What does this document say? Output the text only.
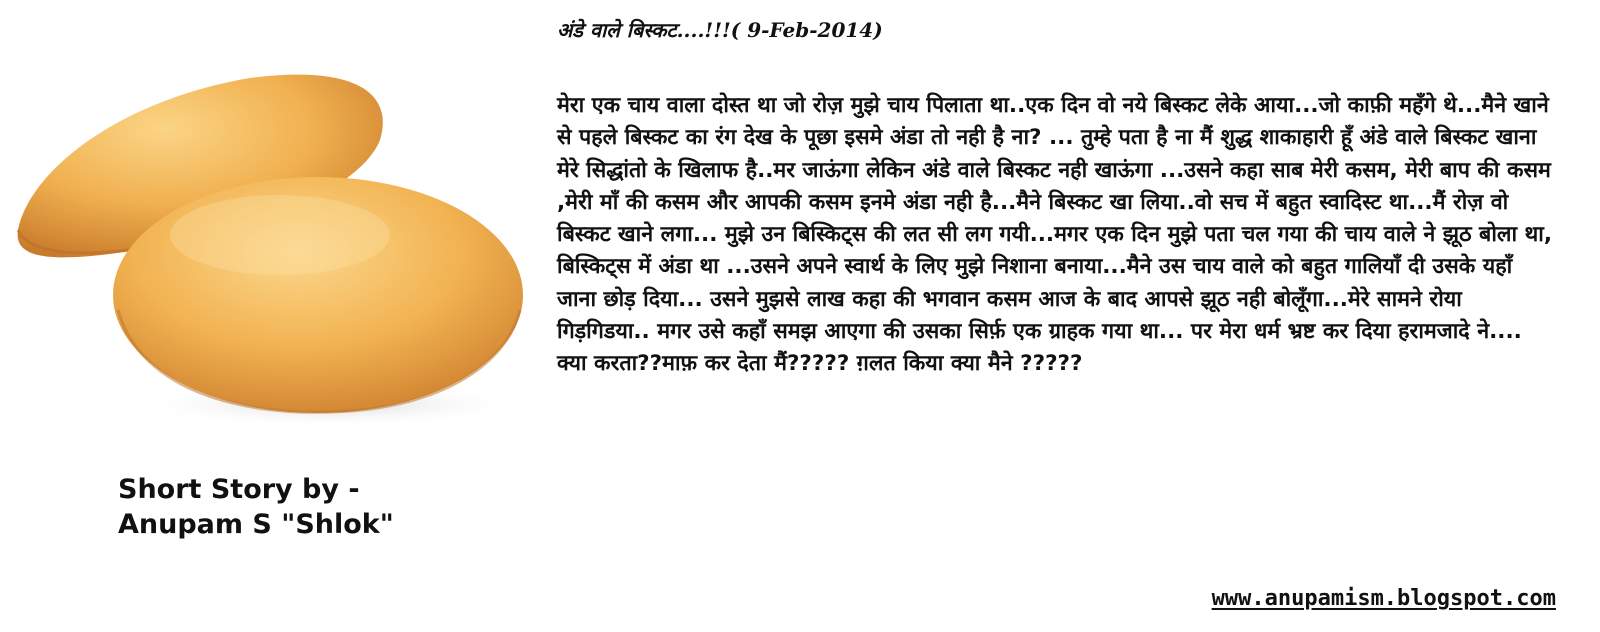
अंडे वाले बिस्कट....!!!( 9-Feb-2014)
मेरा एक चाय वाला दोस्त था जो रोज़ मुझे चाय पिलाता था..एक दिन वो नये बिस्कट लेके आया...जो काफ़ी महँगे थे...मैने खाने से पहले बिस्कट का रंग देख के पूछा इसमे अंडा तो नही है ना? ... तुम्हे पता है ना मैं शुद्ध शाकाहारी हूँ अंडे वाले बिस्कट खाना मेरे सिद्धांतो के खिलाफ है..मर जाऊंगा लेकिन अंडे वाले बिस्कट नही खाऊंगा ...उसने कहा साब मेरी कसम, मेरी बाप की कसम ,मेरी माँ की कसम और आपकी कसम इनमे अंडा नही है...मैने बिस्कट खा लिया..वो सच में बहुत स्वादिस्ट था...मैं रोज़ वो बिस्कट खाने लगा... मुझे उन बिस्किट्स की लत सी लग गयी...मगर एक दिन मुझे पता चल गया की चाय वाले ने झूठ बोला था, बिस्किट्स में अंडा था ...उसने अपने स्वार्थ के लिए मुझे निशाना बनाया...मैने उस चाय वाले को बहुत गालियाँ दी उसके यहाँ जाना छोड़ दिया... उसने मुझसे लाख कहा की भगवान कसम आज के बाद आपसे झूठ नही बोलूँगा...मेरे सामने रोया गिड़गिडया.. मगर उसे कहाँ समझ आएगा की उसका सिर्फ़ एक ग्राहक गया था... पर मेरा धर्म भ्रष्ट कर दिया हरामजादे ने.... क्या करता??माफ़ कर देता मैं????? ग़लत किया क्या मैने ?????
Short Story by -
Anupam S "Shlok"
www.anupamism.blogspot.com
